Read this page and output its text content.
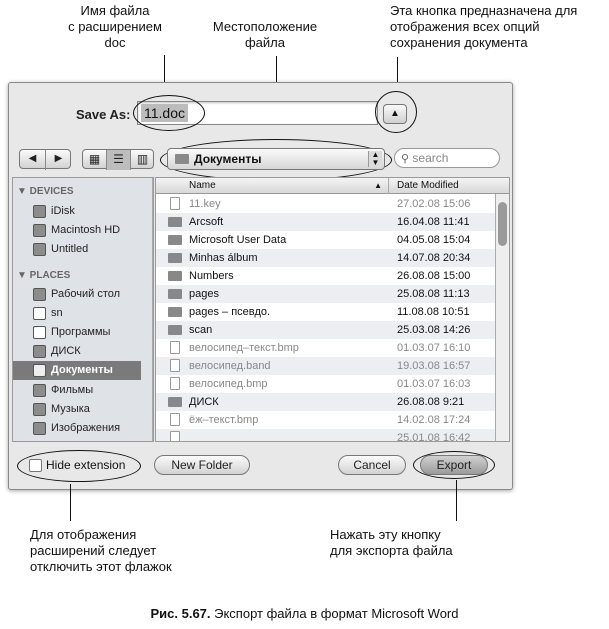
Имя файла
с расширением
doc
Местоположение
файла
Эта кнопка предназначена для
отображения всех опций
сохранения документа
Save As: 11.doc	▲
◀	▶	▦	☰	▥	Документы	▲
▼	⚲ search
▼ DEVICES
iDisk
Macintosh HD
Untitled
▼ PLACES
Рабочий стол
sn
Программы
ДИСК
Документы
Фильмы
Музыка
Изображения
Name	▲ Date Modified
11.key	27.02.08 15:06
Arcsoft	16.04.08 11:41
Microsoft User Data	04.05.08 15:04
Minhas álbum	14.07.08 20:34
Numbers	26.08.08 15:00
pages	25.08.08 11:13
pages – псевдо.	11.08.08 10:51
scan	25.03.08 14:26
велосипед–текст.bmp	01.03.07 16:10
велосипед.band	19.03.08 16:57
велосипед.bmp	01.03.07 16:03
ДИСК	26.08.08 9:21
ёж–текст.bmp	14.02.08 17:24
25.01.08 16:42
Hide extension	New Folder	Cancel	Export
Для отображения
расширений следует
отключить этот флажок
Нажать эту кнопку
для экспорта файла
Рис. 5.67. Экспорт файла в формат Microsoft Word
